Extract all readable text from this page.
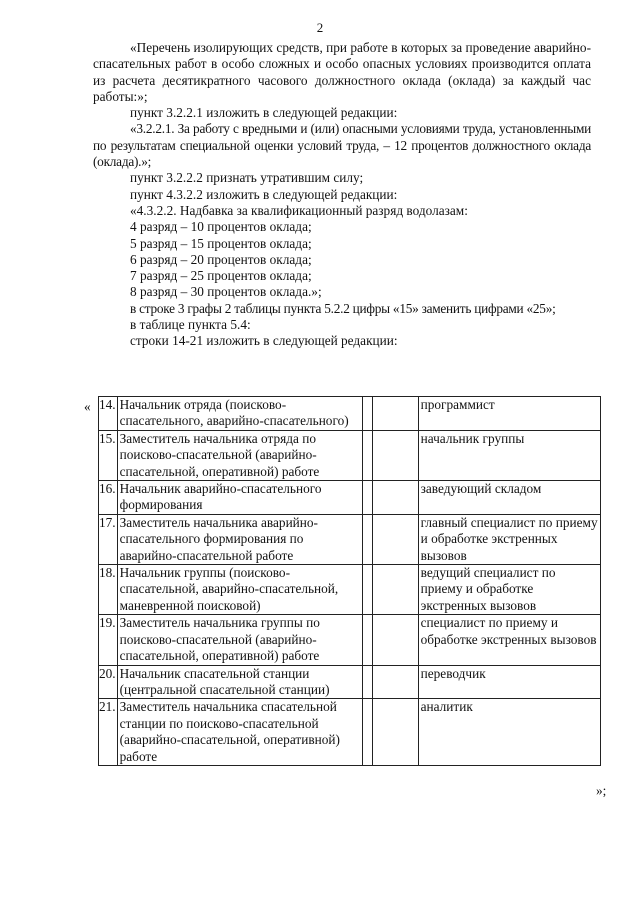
2

«Перечень изолирующих средств, при работе в которых за проведение аварийно-спасательных работ в особо сложных и особо опасных условиях производится оплата из расчета десятикратного часового должностного оклада (оклада) за каждый час работы:»;

пункт 3.2.2.1 изложить в следующей редакции:

«3.2.2.1. За работу с вредными и (или) опасными условиями труда, установленными по результатам специальной оценки условий труда, – 12 процентов должностного оклада (оклада).»;

пункт 3.2.2.2 признать утратившим силу;

пункт 4.3.2.2 изложить в следующей редакции:

«4.3.2.2. Надбавка за квалификационный разряд водолазам:

4 разряд – 10 процентов оклада;

5 разряд – 15 процентов оклада;

6 разряд – 20 процентов оклада;

7 разряд – 25 процентов оклада;

8 разряд – 30 процентов оклада.»;

в строке 3 графы 2 таблицы пункта 5.2.2 цифры «15» заменить цифрами «25»;

в таблице пункта 5.4:

строки 14-21 изложить в следующей редакции:

« 14.	Начальник отряда (поисково-спасательного, аварийно-спасательного)			программист
15.	Заместитель начальника отряда по поисково-спасательной (аварийно-спасательной, оперативной) работе			начальник группы
16.	Начальник аварийно-спасательного формирования			заведующий складом
17.	Заместитель начальника аварийно-спасательного формирования по аварийно-спасательной работе			главный специалист по приему и обработке экстренных вызовов
18.	Начальник группы (поисково-спасательной, аварийно-спасательной, маневренной поисковой)			ведущий специалист по приему и обработке экстренных вызовов
19.	Заместитель начальника группы по поисково-спасательной (аварийно-спасательной, оперативной) работе			специалист по приему и обработке экстренных вызовов
20.	Начальник спасательной станции (центральной спасательной станции)			переводчик
21.	Заместитель начальника спасательной станции по поисково-спасательной (аварийно-спасательной, оперативной) работе			аналитик
»;
